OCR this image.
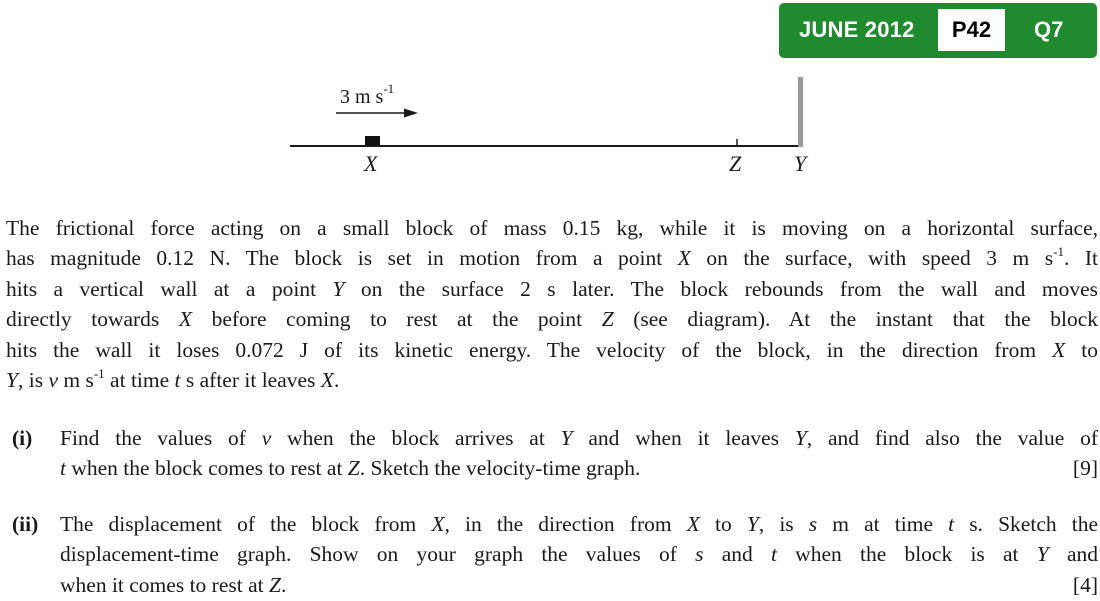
JUNE 2012	P42	Q7
3 m $s^{-1}$
X	Z Y
The frictional force acting on a small block of mass 0.15 kg, while it is moving on a horizontal surface,
has magnitude 0.12 N. The block is set in motion from a point X on the surface, with speed 3 m $s^{-1}$. It
hits a vertical wall at a point Y on the surface 2 s later. The block rebounds from the wall and moves
directly towards X before coming to rest at the point Z (see diagram). At the instant that the block
hits the wall it loses 0.072 J of its kinetic energy. The velocity of the block, in the direction from X to
Y, is v m $s^{-1}$ at time t s after it leaves X.
(i) Find the values of v when the block arrives at Y and when it leaves Y, and find also the value of
t when the block comes to rest at Z. Sketch the velocity-time graph.	[9]
(ii) The displacement of the block from X, in the direction from X to Y, is s m at time t s. Sketch the
displacement-time graph. Show on your graph the values of s and t when the block is at Y and
when it comes to rest at Z.	[4]
